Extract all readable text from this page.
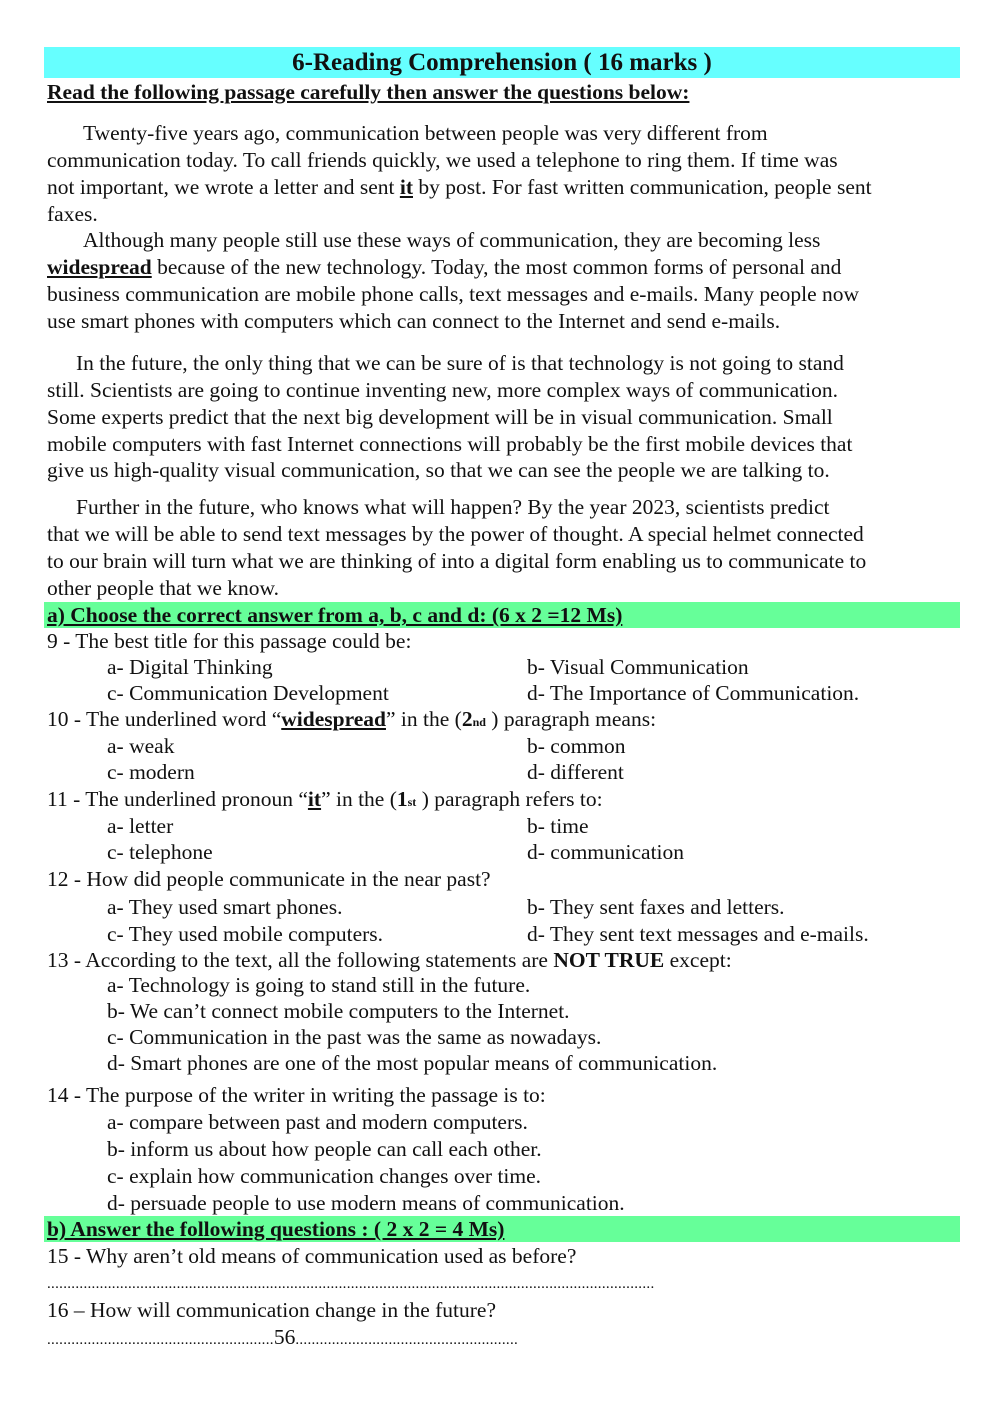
6-Reading Comprehension ( 16 marks )
Read the following passage carefully then answer the questions below:
Twenty-five years ago, communication between people was very different from
communication today. To call friends quickly, we used a telephone to ring them. If time was
not important, we wrote a letter and sent it by post. For fast written communication, people sent
faxes.
Although many people still use these ways of communication, they are becoming less
widespread because of the new technology. Today, the most common forms of personal and
business communication are mobile phone calls, text messages and e-mails. Many people now
use smart phones with computers which can connect to the Internet and send e-mails.
In the future, the only thing that we can be sure of is that technology is not going to stand
still. Scientists are going to continue inventing new, more complex ways of communication.
Some experts predict that the next big development will be in visual communication. Small
mobile computers with fast Internet connections will probably be the first mobile devices that
give us high-quality visual communication, so that we can see the people we are talking to.
Further in the future, who knows what will happen? By the year 2023, scientists predict
that we will be able to send text messages by the power of thought. A special helmet connected
to our brain will turn what we are thinking of into a digital form enabling us to communicate to
other people that we know.
a) Choose the correct answer from a, b, c and d: (6 x 2 =12 Ms)
9 - The best title for this passage could be:
a- Digital Thinking	b- Visual Communication
c- Communication Development	d- The Importance of Communication.
10 - The underlined word “widespread” in the (2nd ) paragraph means:
a- weak	b- common
c- modern	d- different
11 - The underlined pronoun “it” in the (1st ) paragraph refers to:
a- letter	b- time
c- telephone	d- communication
12 - How did people communicate in the near past?
a- They used smart phones.	b- They sent faxes and letters.
c- They used mobile computers.	d- They sent text messages and e-mails.
13 - According to the text, all the following statements are NOT TRUE except:
a- Technology is going to stand still in the future.
b- We can’t connect mobile computers to the Internet.
c- Communication in the past was the same as nowadays.
d- Smart phones are one of the most popular means of communication.
14 - The purpose of the writer in writing the passage is to:
a- compare between past and modern computers.
b- inform us about how people can call each other.
c- explain how communication changes over time.
d- persuade people to use modern means of communication.
b) Answer the following questions : ( 2 x 2 = 4 Ms)
15 - Why aren’t old means of communication used as before?
......................................................................................................................................................
16 – How will communication change in the future?
........................................................56.......................................................
